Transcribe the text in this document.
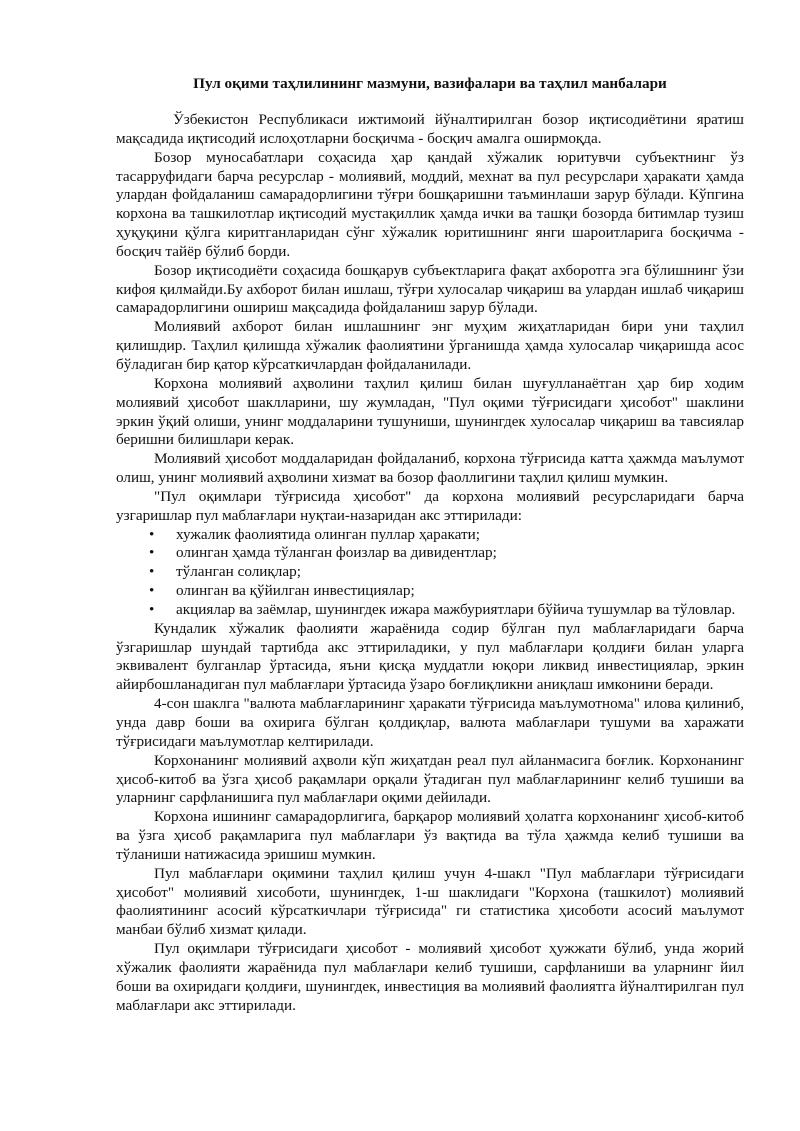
Пул оқими таҳлилининг мазмуни, вазифалари ва таҳлил манбалари

Ўзбекистон Республикаси ижтимоий йўналтирилган бозор иқтисодиётини яратиш мақсадида иқтисодий ислоҳотларни босқичма - босқич амалга оширмоқда.

Бозор муносабатлари соҳасида ҳар қандай хўжалик юритувчи субъектнинг ўз тасарруфидаги барча ресурслар - молиявий, моддий, мехнат ва пул ресурслари ҳаракати ҳамда улардан фойдаланиш самарадорлигини тўғри бошқаришни таъминлаши зарур бўлади. Кўпгина корхона ва ташкилотлар иқтисодий мустақиллик ҳамда ички ва ташқи бозорда битимлар тузиш ҳуқуқини қўлга киритганларидан сўнг хўжалик юритишнинг янги шароитларига босқичма - босқич тайёр бўлиб борди.

Бозор иқтисодиёти соҳасида бошқарув субъектларига фақат ахборотга эга бўлишнинг ўзи кифоя қилмайди.Бу ахборот билан ишлаш, тўғри хулосалар чиқариш ва улардан ишлаб чиқариш самарадорлигини ошириш мақсадида фойдаланиш зарур бўлади.

Молиявий ахборот билан ишлашнинг энг муҳим жиҳатларидан бири уни таҳлил қилишдир. Таҳлил қилишда хўжалик фаолиятини ўрганишда ҳамда хулосалар чиқаришда асос бўладиган бир қатор кўрсаткичлардан фойдаланилади.

Корхона молиявий аҳволини таҳлил қилиш билан шуғулланаётган ҳар бир ходим молиявий ҳисобот шаклларини, шу жумладан, "Пул оқими тўғрисидаги ҳисобот" шаклини эркин ўқий олиши, унинг моддаларини тушуниши, шунингдек хулосалар чиқариш ва тавсиялар беришни билишлари керак.

Молиявий ҳисобот моддаларидан фойдаланиб, корхона тўғрисида катта ҳажмда маълумот олиш, унинг молиявий аҳволини хизмат ва бозор фаоллигини таҳлил қилиш мумкин.

"Пул оқимлари тўғрисида ҳисобот" да корхона молиявий ресурсларидаги барча узгаришлар пул маблағлари нуқтаи-назаридан акс эттирилади:

• хужалик фаолиятида олинган пуллар ҳаракати;
• олинган ҳамда тўланган фоизлар ва дивидентлар;
• тўланган солиқлар;
• олинган ва қўйилган инвестициялар;
• акциялар ва заёмлар, шунингдек ижара мажбуриятлари бўйича тушумлар ва тўловлар.

Кундалик хўжалик фаолияти жараёнида содир бўлган пул маблағларидаги барча ўзгаришлар шундай тартибда акс эттириладики, у пул маблағлари қолдиғи билан уларга эквивалент булганлар ўртасида, яъни қисқа муддатли юқори ликвид инвестициялар, эркин айирбошланадиган пул маблағлари ўртасида ўзаро боғлиқликни аниқлаш имконини беради.

4-сон шаклга "валюта маблағларининг ҳаракати тўғрисида маълумотнома" илова қилиниб, унда давр боши ва охирига бўлган қолдиқлар, валюта маблағлари тушуми ва харажати тўғрисидаги маълумотлар келтирилади.

Корхонанинг молиявий аҳволи кўп жиҳатдан реал пул айланмасига боғлик. Корхонанинг ҳисоб-китоб ва ўзга ҳисоб рақамлари орқали ўтадиган пул маблағларининг келиб тушиши ва уларнинг сарфланишига пул маблағлари оқими дейилади.

Корхона ишининг самарадорлигига, барқарор молиявий ҳолатга корхонанинг ҳисоб-китоб ва ўзга ҳисоб рақамларига пул маблағлари ўз вақтида ва тўла ҳажмда келиб тушиши ва тўланиши натижасида эришиш мумкин.

Пул маблағлари оқимини таҳлил қилиш учун 4-шакл "Пул маблағлари тўғрисидаги ҳисобот" молиявий хисоботи, шунингдек, 1-ш шаклидаги "Корхона (ташкилот) молиявий фаолиятининг асосий кўрсаткичлари тўғрисида" ги статистика ҳисоботи асосий маълумот манбаи бўлиб хизмат қилади.

Пул оқимлари тўғрисидаги ҳисобот - молиявий ҳисобот ҳужжати бўлиб, унда жорий хўжалик фаолияти жараёнида пул маблағлари келиб тушиши, сарфланиши ва уларнинг йил боши ва охиридаги қолдиғи, шунингдек, инвестиция ва молиявий фаолиятга йўналтирилган пул маблағлари акс эттирилади.
